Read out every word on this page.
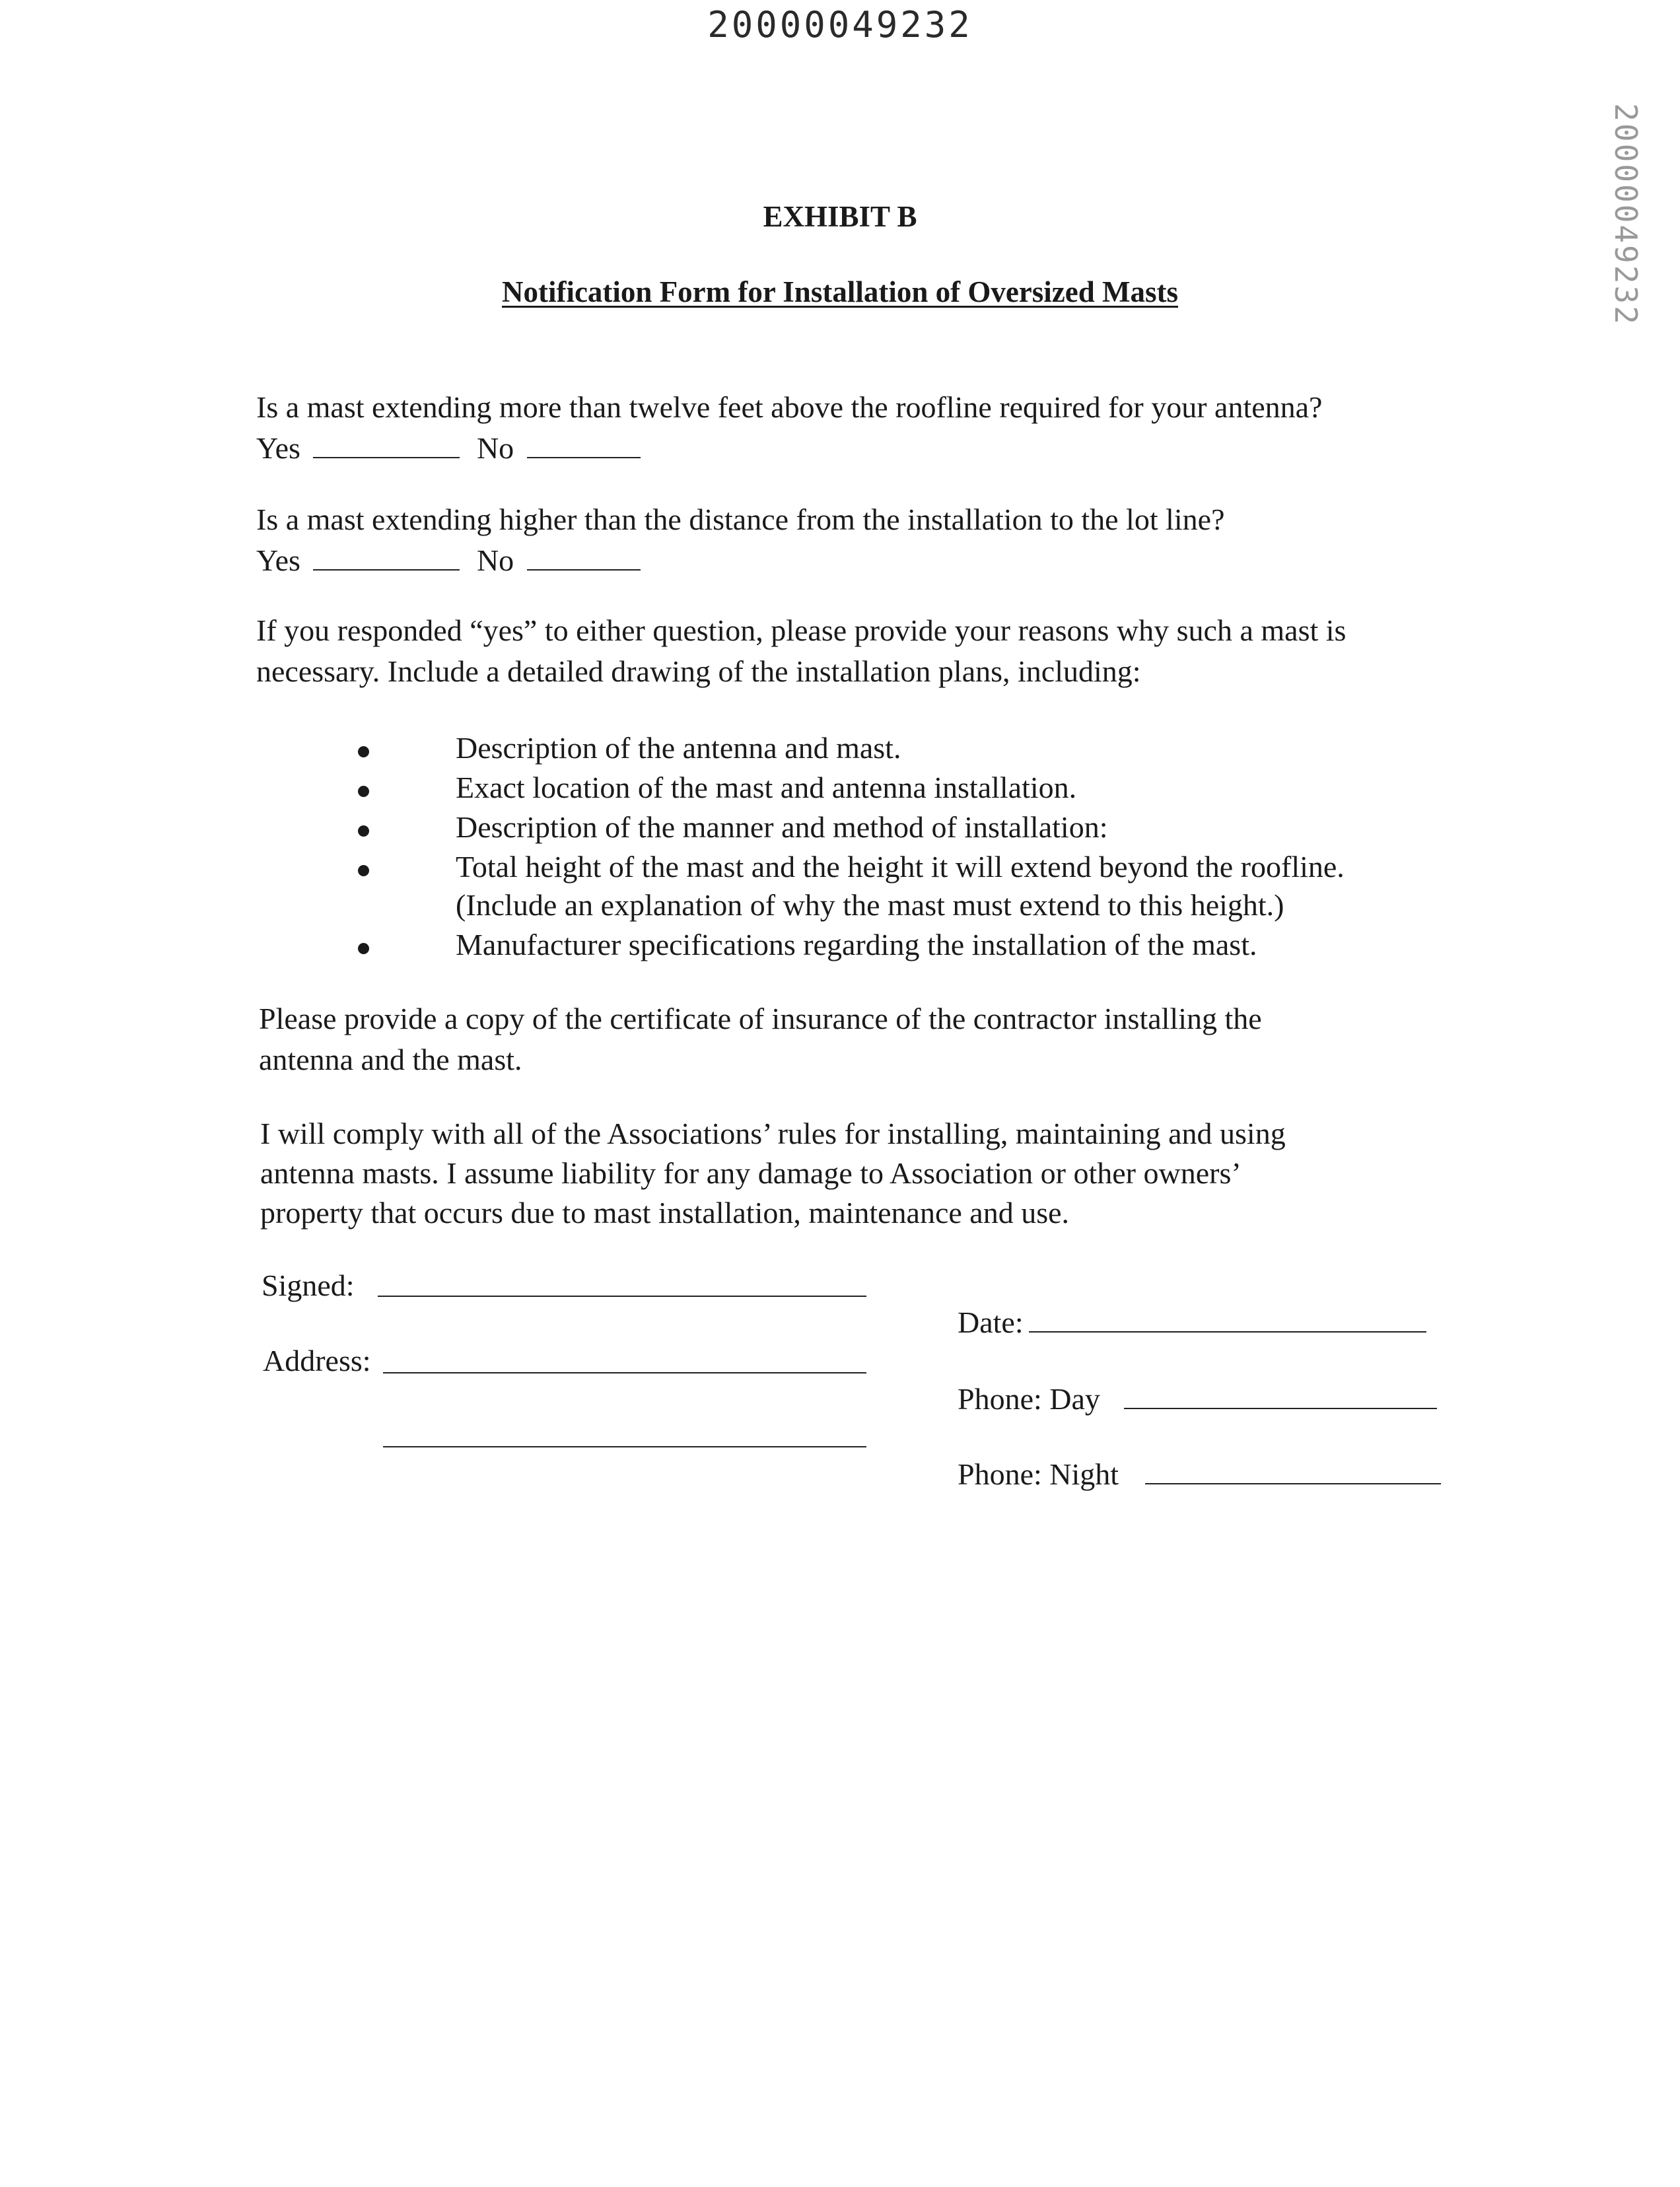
20000049232
20000049232
EXHIBIT B
Notification Form for Installation of Oversized Masts
Is a mast extending more than twelve feet above the roofline required for your antenna?
Yes	No
Is a mast extending higher than the distance from the installation to the lot line?
Yes	No
If you responded “yes” to either question, please provide your reasons why such a mast is
necessary. Include a detailed drawing of the installation plans, including:
Description of the antenna and mast.
Exact location of the mast and antenna installation.
Description of the manner and method of installation:
Total height of the mast and the height it will extend beyond the roofline.
(Include an explanation of why the mast must extend to this height.)
Manufacturer specifications regarding the installation of the mast.
Please provide a copy of the certificate of insurance of the contractor installing the
antenna and the mast.
I will comply with all of the Associations’ rules for installing, maintaining and using
antenna masts. I assume liability for any damage to Association or other owners’
property that occurs due to mast installation, maintenance and use.
Signed:
Address:
Date:
Phone: Day
Phone: Night
